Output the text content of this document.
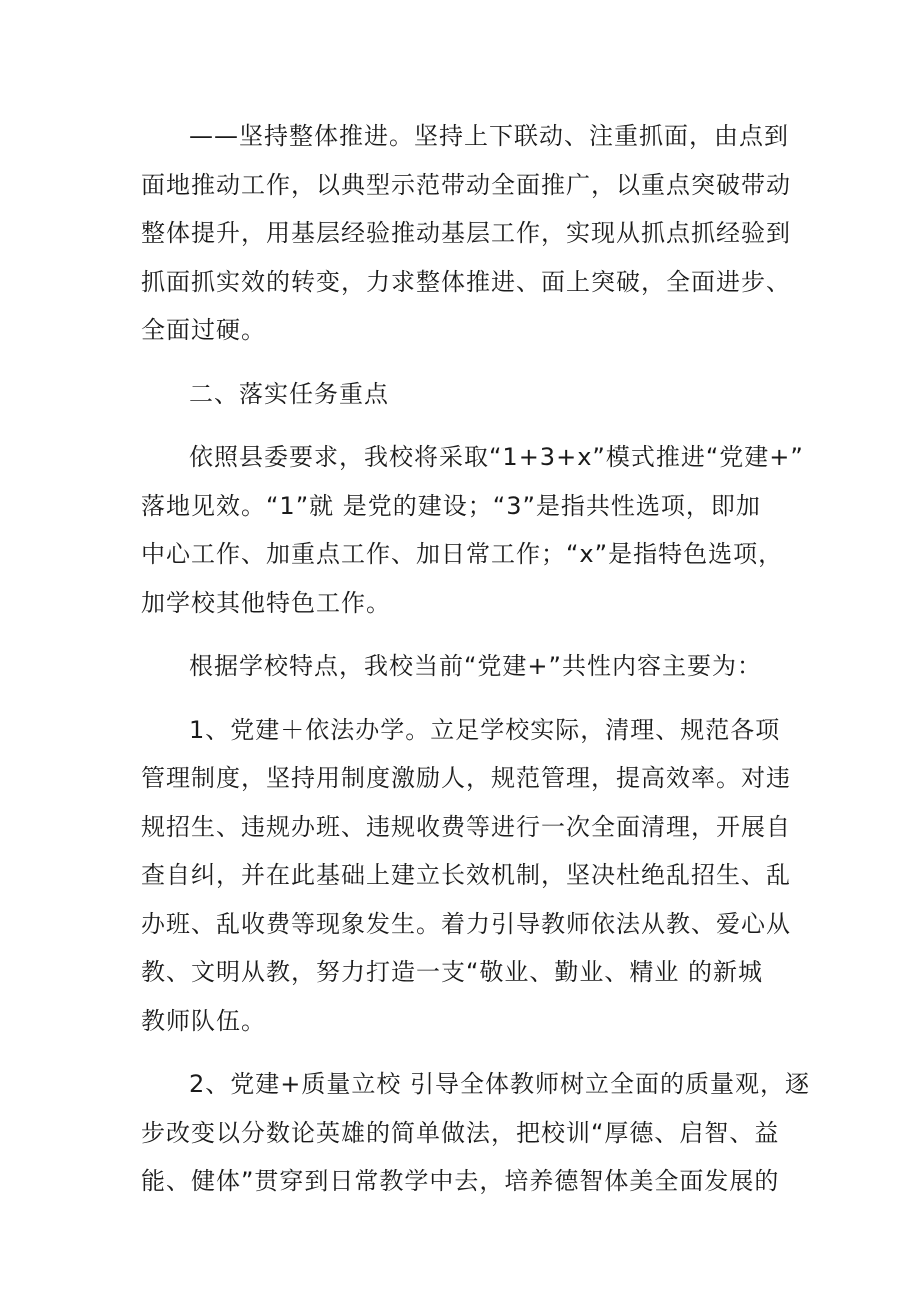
——坚持整体推进。坚持上下联动、注重抓面，由点到
面地推动工作，以典型示范带动全面推广，以重点突破带动
整体提升，用基层经验推动基层工作，实现从抓点抓经验到
抓面抓实效的转变，力求整体推进、面上突破，全面进步、
全面过硬。

二、落实任务重点

依照县委要求，我校将采取“1+3+x”模式推进“党建+”
落地见效。“1”就 是党的建设；“3”是指共性选项，即加
中心工作、加重点工作、加日常工作；“x”是指特色选项，
加学校其他特色工作。

根据学校特点，我校当前“党建+”共性内容主要为：

1、党建＋依法办学。立足学校实际，清理、规范各项
管理制度，坚持用制度激励人，规范管理，提高效率。对违
规招生、违规办班、违规收费等进行一次全面清理，开展自
查自纠，并在此基础上建立长效机制，坚决杜绝乱招生、乱
办班、乱收费等现象发生。着力引导教师依法从教、爱心从
教、文明从教，努力打造一支“敬业、勤业、精业 的新城
教师队伍。

2、党建+质量立校 引导全体教师树立全面的质量观，逐
步改变以分数论英雄的简单做法，把校训“厚德、启智、益
能、健体”贯穿到日常教学中去，培养德智体美全面发展的
